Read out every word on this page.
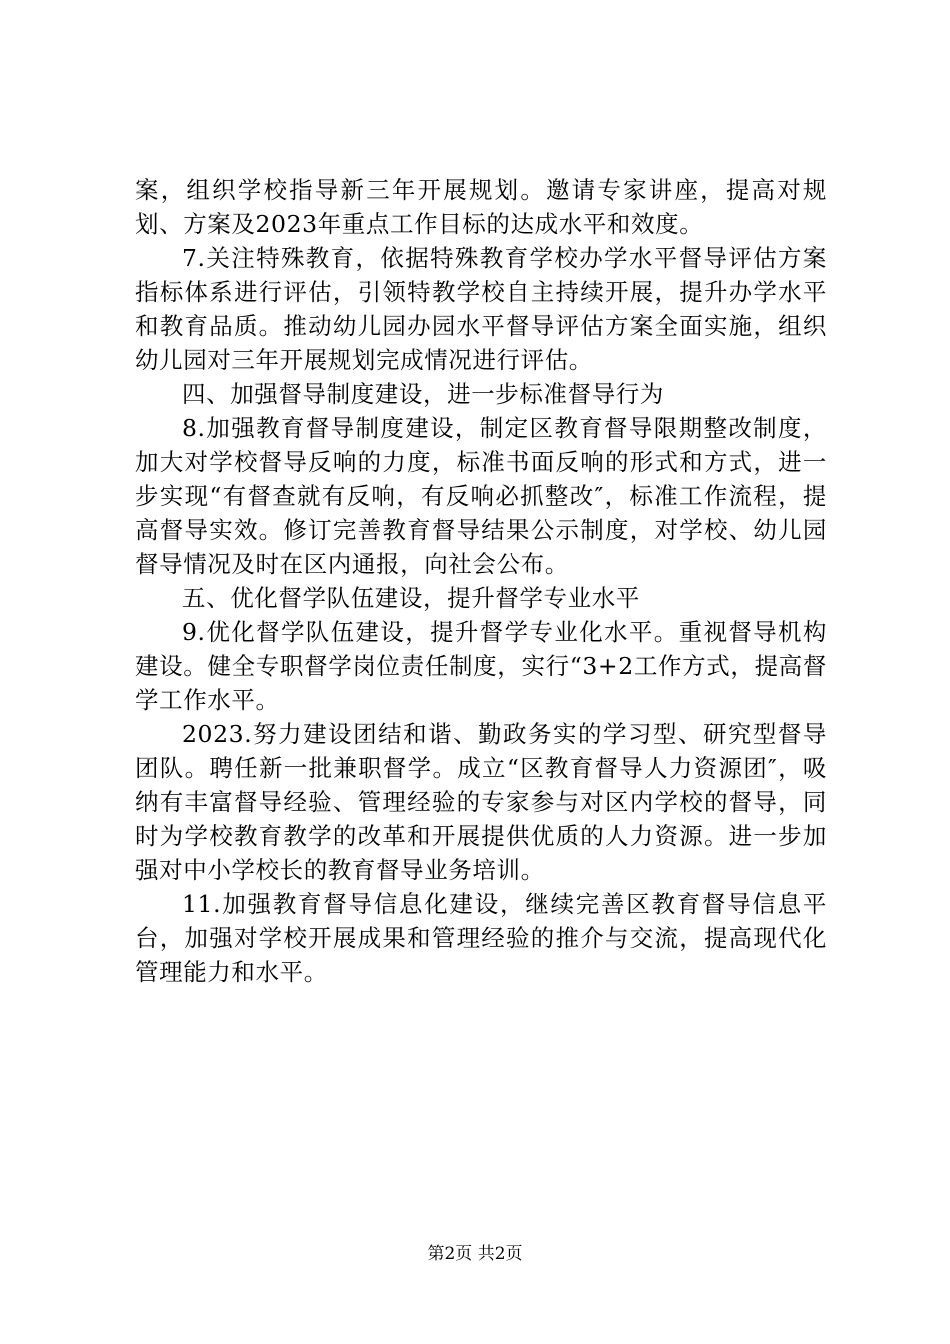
案，组织学校指导新三年开展规划。邀请专家讲座，提高对规划、方案及2023年重点工作目标的达成水平和效度。

7.关注特殊教育，依据特殊教育学校办学水平督导评估方案指标体系进行评估，引领特教学校自主持续开展，提升办学水平和教育品质。推动幼儿园办园水平督导评估方案全面实施，组织幼儿园对三年开展规划完成情况进行评估。

四、加强督导制度建设，进一步标准督导行为

8.加强教育督导制度建设，制定区教育督导限期整改制度，加大对学校督导反响的力度，标准书面反响的形式和方式，进一步实现“有督查就有反响，有反响必抓整改″，标准工作流程，提高督导实效。修订完善教育督导结果公示制度，对学校、幼儿园督导情况及时在区内通报，向社会公布。

五、优化督学队伍建设，提升督学专业水平

9.优化督学队伍建设，提升督学专业化水平。重视督导机构建设。健全专职督学岗位责任制度，实行“3+2工作方式，提高督学工作水平。

2023.努力建设团结和谐、勤政务实的学习型、研究型督导团队。聘任新一批兼职督学。成立“区教育督导人力资源团″，吸纳有丰富督导经验、管理经验的专家参与对区内学校的督导，同时为学校教育教学的改革和开展提供优质的人力资源。进一步加强对中小学校长的教育督导业务培训。

11.加强教育督导信息化建设，继续完善区教育督导信息平台，加强对学校开展成果和管理经验的推介与交流，提高现代化管理能力和水平。

第2页 共2页
